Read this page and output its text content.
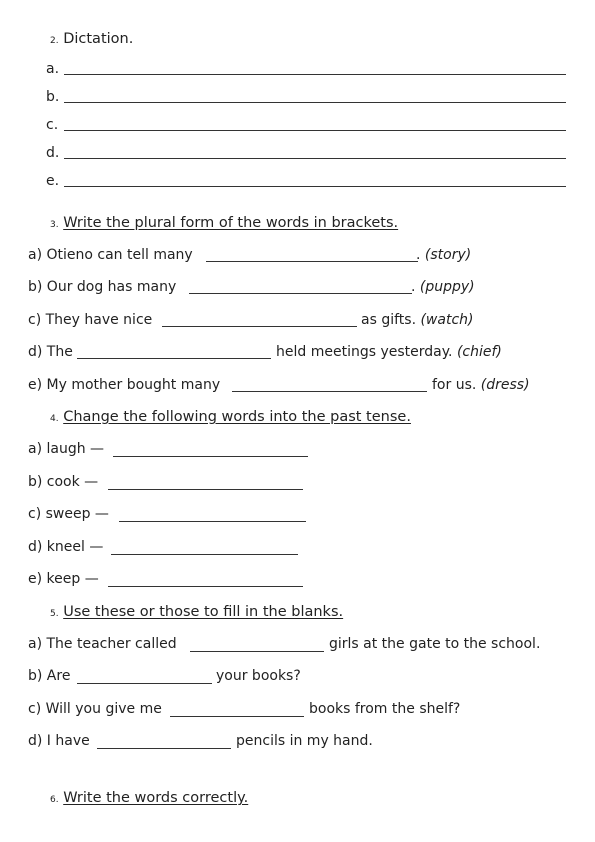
2. Dictation.
a.
b.
c.
d.
e.
3. Write the plural form of the words in brackets.
a) Otieno can tell many	. (story)
b) Our dog has many	. (puppy)
c) They have nice	as gifts. (watch)
d) The	held meetings yesterday. (chief)
e) My mother bought many	for us. (dress)
4. Change the following words into the past tense.
a) laugh —
b) cook —
c) sweep —
d) kneel —
e) keep —
5. Use these or those to fill in the blanks.
a) The teacher called	girls at the gate to the school.
b) Are	your books?
c) Will you give me	books from the shelf?
d) I have	pencils in my hand.
6. Write the words correctly.
